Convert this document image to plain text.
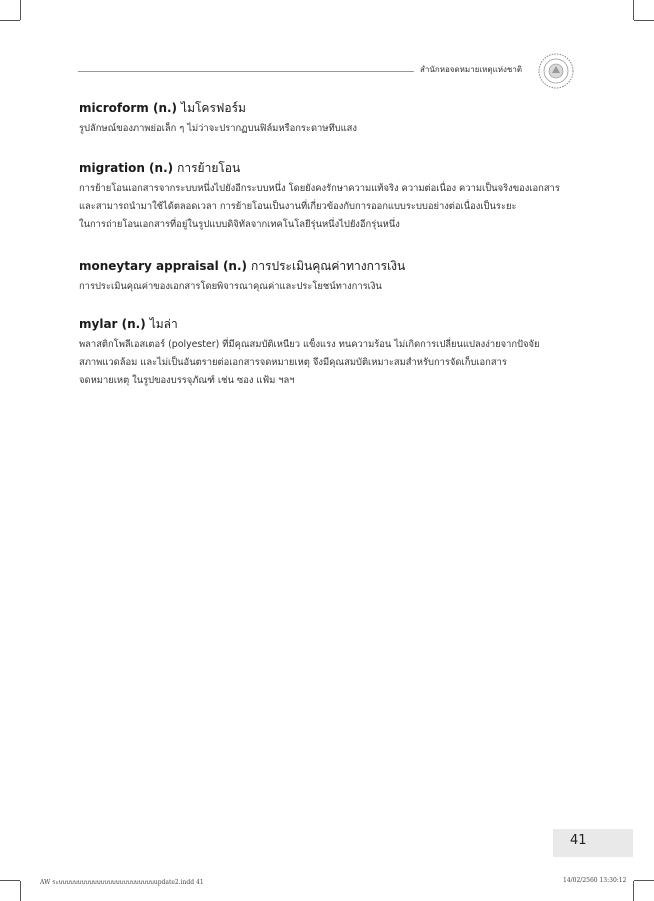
สำนักหอจดหมายเหตุแห่งชาติ
microform (n.) ไมโครฟอร์ม
รูปลักษณ์ของภาพย่อเล็ก ๆ ไม่ว่าจะปรากฏบนฟิล์มหรือกระดาษทึบแสง
migration (n.) การย้ายโอน
การย้ายโอนเอกสารจากระบบหนึ่งไปยังอีกระบบหนึ่ง โดยยังคงรักษาความแท้จริง ความต่อเนื่อง ความเป็นจริงของเอกสาร
และสามารถนำมาใช้ได้ตลอดเวลา การย้ายโอนเป็นงานที่เกี่ยวข้องกับการออกแบบระบบอย่างต่อเนื่องเป็นระยะ
ในการถ่ายโอนเอกสารที่อยู่ในรูปแบบดิจิทัลจากเทคโนโลยีรุ่นหนึ่งไปยังอีกรุ่นหนึ่ง
moneytary appraisal (n.) การประเมินคุณค่าทางการเงิน
การประเมินคุณค่าของเอกสารโดยพิจารณาคุณค่าและประโยชน์ทางการเงิน
mylar (n.) ไมล่า
พลาสติกโพลีเอสเตอร์ (polyester) ที่มีคุณสมบัติเหนียว แข็งแรง ทนความร้อน ไม่เกิดการเปลี่ยนแปลงง่ายจากปัจจัย
สภาพแวดล้อม และไม่เป็นอันตรายต่อเอกสารจดหมายเหตุ จึงมีคุณสมบัติเหมาะสมสำหรับการจัดเก็บเอกสาร
จดหมายเหตุ ในรูปของบรรจุภัณฑ์ เช่น ซอง แฟ้ม ฯลฯ
41
AW ระบบบบบบบบบบบบบบบบบบบบบบบบบupdate2.indd 41	14/02/2560 13:30:12
